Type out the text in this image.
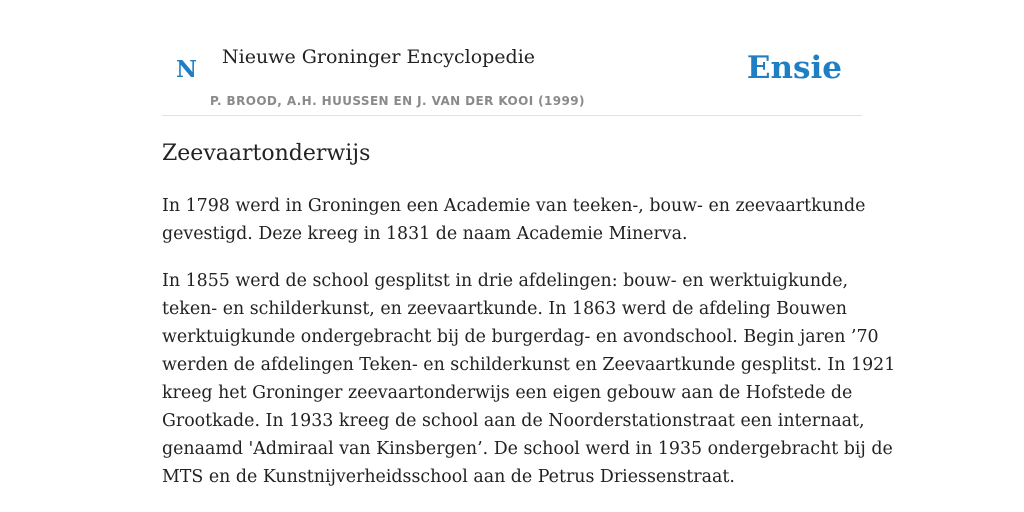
N Nieuwe Groninger Encyclopedie
P. BROOD, A.H. HUUSSEN EN J. VAN DER KOOI (1999)
Ensie
Zeevaartonderwijs

In 1798 werd in Groningen een Academie van teeken-, bouw- en zeevaartkunde
gevestigd. Deze kreeg in 1831 de naam Academie Minerva.

In 1855 werd de school gesplitst in drie afdelingen: bouw- en werktuigkunde,
teken- en schilderkunst, en zeevaartkunde. In 1863 werd de afdeling Bouwen
werktuigkunde ondergebracht bij de burgerdag- en avondschool. Begin jaren ’70
werden de afdelingen Teken- en schilderkunst en Zeevaartkunde gesplitst. In 1921
kreeg het Groninger zeevaartonderwijs een eigen gebouw aan de Hofstede de
Grootkade. In 1933 kreeg de school aan de Noorderstationstraat een internaat,
genaamd 'Admiraal van Kinsbergen’. De school werd in 1935 ondergebracht bij de
MTS en de Kunstnijverheidsschool aan de Petrus Driessenstraat.
